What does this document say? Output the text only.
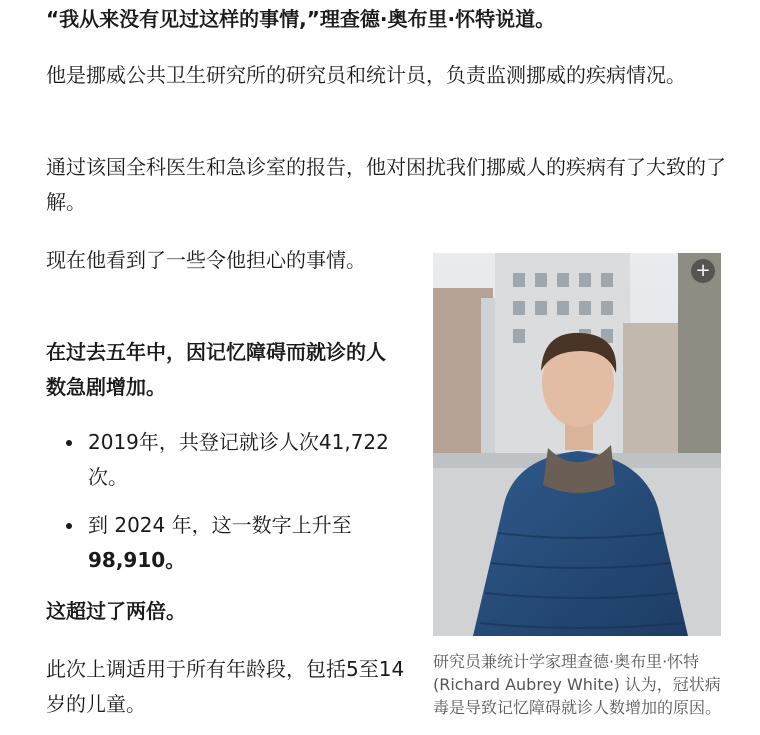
“我从来没有见过这样的事情,”理查德·奥布里·怀特说道。

他是挪威公共卫生研究所的研究员和统计员，负责监测挪威的疾病情况。

通过该国全科医生和急诊室的报告，他对困扰我们挪威人的疾病有了大致的了解。

现在他看到了一些令他担心的事情。

在过去五年中，因记忆障碍而就诊的人数急剧增加。

2019年，共登记就诊人次41,722次。
到 2024 年，这一数字上升至 98,910。

这超过了两倍。

此次上调适用于所有年龄段，包括5至14岁的儿童。

+

研究员兼统计学家理查德·奥布里·怀特 (Richard Aubrey White) 认为，冠状病毒是导致记忆障碍就诊人数增加的原因。
